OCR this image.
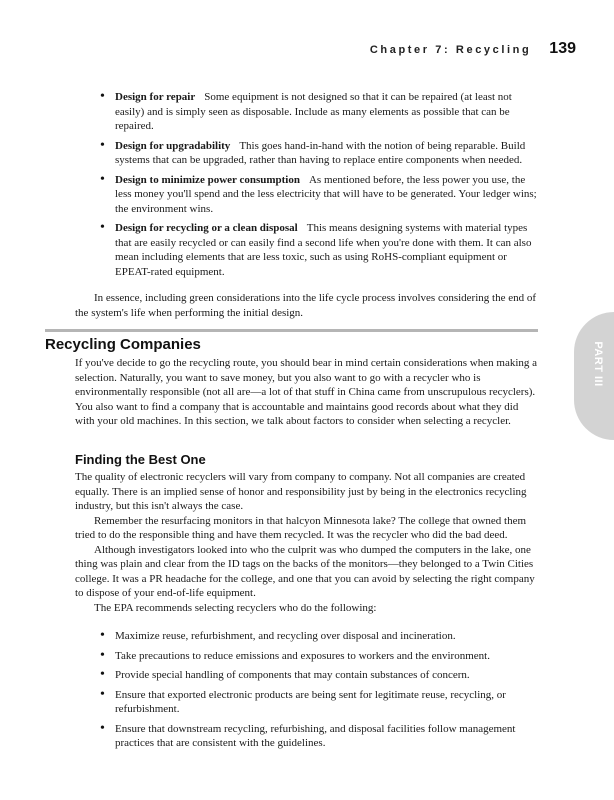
Chapter 7: Recycling 139
PART III
• Design for repair Some equipment is not designed so that it can be repaired (at least not easily) and is simply seen as disposable. Include as many elements as possible that can be repaired.
• Design for upgradability This goes hand-in-hand with the notion of being reparable. Build systems that can be upgraded, rather than having to replace entire components when needed.
• Design to minimize power consumption As mentioned before, the less power you use, the less money you'll spend and the less electricity that will have to be generated. Your ledger wins; the environment wins.
• Design for recycling or a clean disposal This means designing systems with material types that are easily recycled or can easily find a second life when you're done with them. It can also mean including elements that are less toxic, such as using RoHS-compliant equipment or EPEAT-rated equipment.

In essence, including green considerations into the life cycle process involves considering the end of the system's life when performing the initial design.

Recycling Companies

If you've decide to go the recycling route, you should bear in mind certain considerations when making a selection. Naturally, you want to save money, but you also want to go with a recycler who is environmentally responsible (not all are—a lot of that stuff in China came from unscrupulous recyclers). You also want to find a company that is accountable and maintains good records about what they did with your old machines. In this section, we talk about factors to consider when selecting a recycler.

Finding the Best One

The quality of electronic recyclers will vary from company to company. Not all companies are created equally. There is an implied sense of honor and responsibility just by being in the electronics recycling industry, but this isn't always the case.

Remember the resurfacing monitors in that halcyon Minnesota lake? The college that owned them tried to do the responsible thing and have them recycled. It was the recycler who did the bad deed.

Although investigators looked into who the culprit was who dumped the computers in the lake, one thing was plain and clear from the ID tags on the backs of the monitors—they belonged to a Twin Cities college. It was a PR headache for the college, and one that you can avoid by selecting the right company to dispose of your end-of-life equipment.

The EPA recommends selecting recyclers who do the following:

• Maximize reuse, refurbishment, and recycling over disposal and incineration.
• Take precautions to reduce emissions and exposures to workers and the environment.
• Provide special handling of components that may contain substances of concern.
• Ensure that exported electronic products are being sent for legitimate reuse, recycling, or refurbishment.
• Ensure that downstream recycling, refurbishing, and disposal facilities follow management practices that are consistent with the guidelines.
